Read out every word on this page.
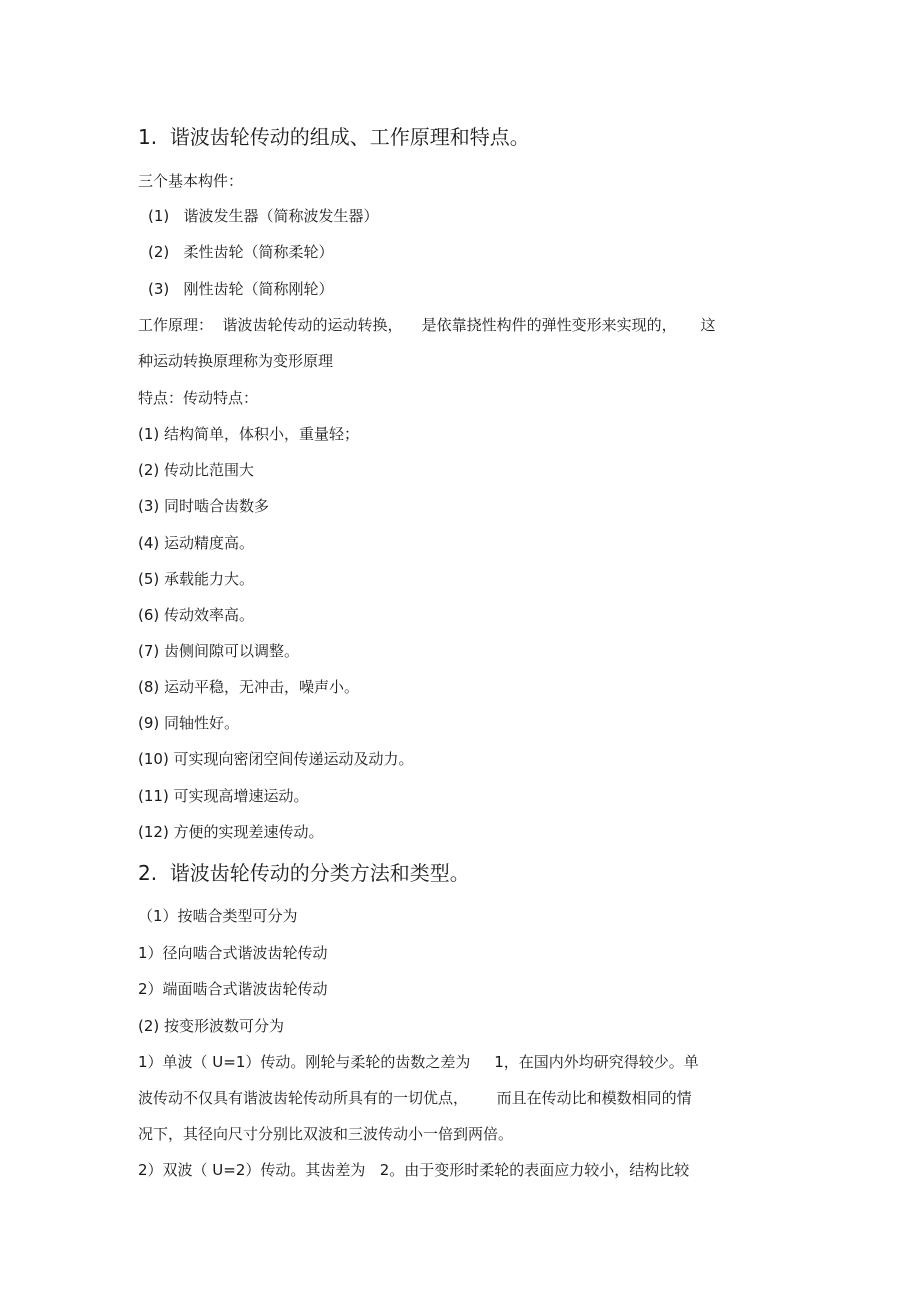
1.  谐波齿轮传动的组成、工作原理和特点。

三个基本构件：

(1)   谐波发生器（简称波发生器）

(2)   柔性齿轮（简称柔轮）

(3)   刚性齿轮（简称刚轮）

工作原理：  谐波齿轮传动的运动转换，    是依靠挠性构件的弹性变形来实现的，     这

种运动转换原理称为变形原理

特点：传动特点：

(1) 结构简单，体积小，重量轻；

(2) 传动比范围大

(3) 同时啮合齿数多

(4) 运动精度高。

(5) 承载能力大。

(6) 传动效率高。

(7) 齿侧间隙可以调整。

(8) 运动平稳，无冲击，噪声小。

(9) 同轴性好。

(10) 可实现向密闭空间传递运动及动力。

(11) 可实现高增速运动。

(12) 方便的实现差速传动。

2.  谐波齿轮传动的分类方法和类型。

（1）按啮合类型可分为

1）径向啮合式谐波齿轮传动

2）端面啮合式谐波齿轮传动

(2) 按变形波数可分为

1）单波（ U=1）传动。刚轮与柔轮的齿数之差为     1，在国内外均研究得较少。单

波传动不仅具有谐波齿轮传动所具有的一切优点，      而且在传动比和模数相同的情

况下，其径向尺寸分别比双波和三波传动小一倍到两倍。

2）双波（ U=2）传动。其齿差为   2。由于变形时柔轮的表面应力较小，结构比较
